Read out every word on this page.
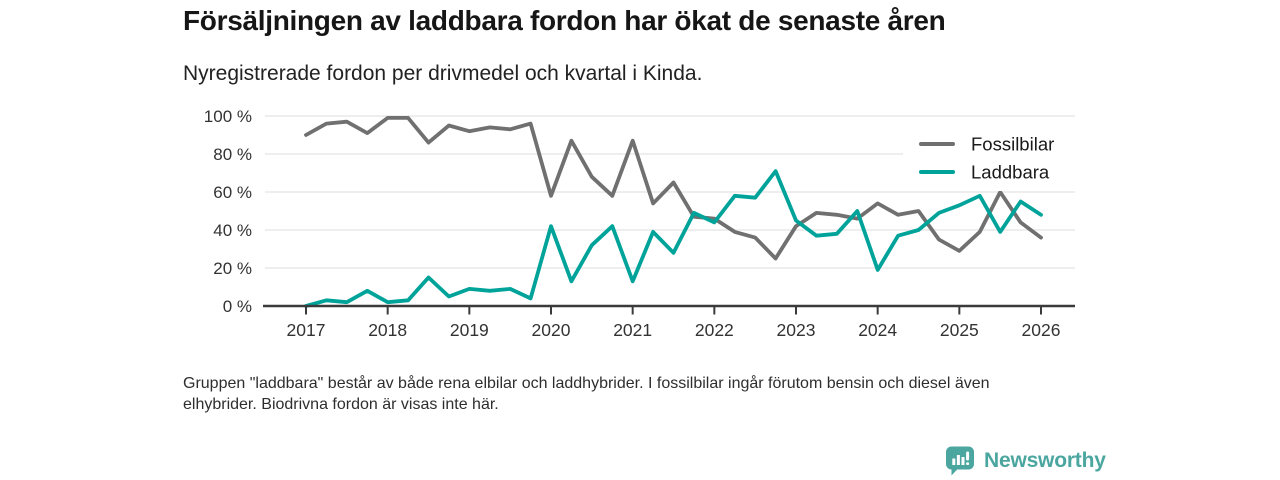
Försäljningen av laddbara fordon har ökat de senaste åren
Nyregistrerade fordon per drivmedel och kvartal i Kinda.
100 %
80 %
60 %
40 %
20 %
0 %
Fossilbilar
Laddbara
2017 2018 2019 2020 2021 2022 2023 2024 2025 2026
Gruppen "laddbara" består av både rena elbilar och laddhybrider. I fossilbilar ingår förutom bensin och diesel även elhybrider. Biodrivna fordon är visas inte här.
Newsworthy
